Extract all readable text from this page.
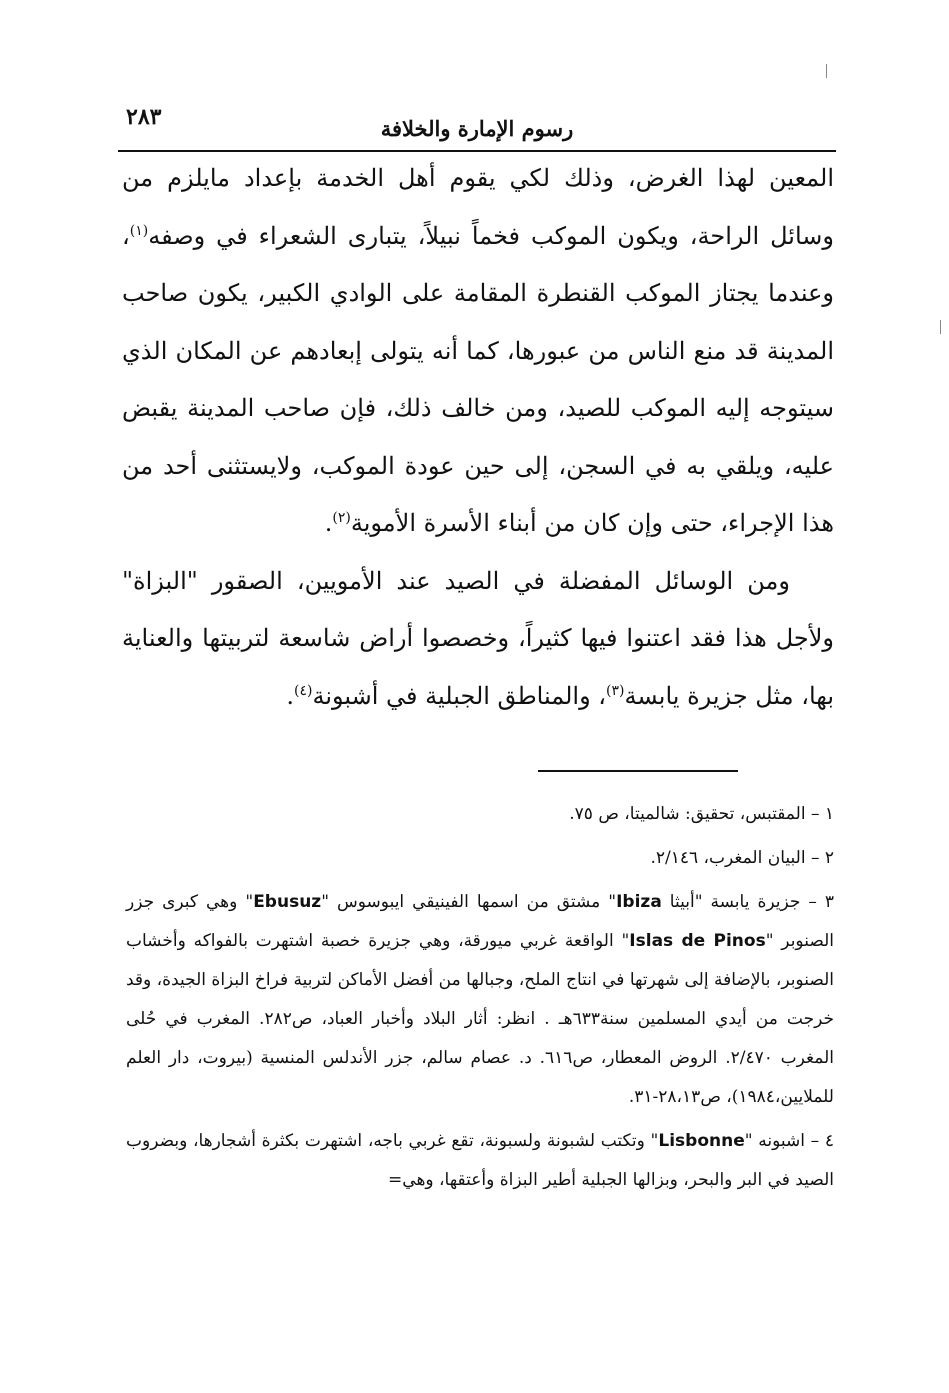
رسوم الإمارة والخلافة
٢٨٣

المعين لهذا الغرض، وذلك لكي يقوم أهل الخدمة بإعداد مايلزم من وسائل الراحة، ويكون الموكب فخماً نبيلاً، يتبارى الشعراء في وصفه$^{(١)}$، وعندما يجتاز الموكب القنطرة المقامة على الوادي الكبير، يكون صاحب المدينة قد منع الناس من عبورها، كما أنه يتولى إبعادهم عن المكان الذي سيتوجه إليه الموكب للصيد، ومن خالف ذلك، فإن صاحب المدينة يقبض عليه، ويلقي به في السجن، إلى حين عودة الموكب، ولايستثنى أحد من هذا الإجراء، حتى وإن كان من أبناء الأسرة الأموية$^{(٢)}$.

ومن الوسائل المفضلة في الصيد عند الأمويين، الصقور "البزاة" ولأجل هذا فقد اعتنوا فيها كثيراً، وخصصوا أراض شاسعة لتربيتها والعناية بها، مثل جزيرة يابسة$^{(٣)}$، والمناطق الجبلية في أشبونة$^{(٤)}$.

١ – المقتبس، تحقيق: شالميتا، ص ٧٥.

٢ – البيان المغرب، ٢/١٤٦.

٣ – جزيرة يابسة "أبيثا Ibiza" مشتق من اسمها الفينيقي ايبوسوس "Ebusuz" وهي كبرى جزر الصنوبر "Islas de Pinos" الواقعة غربي ميورقة، وهي جزيرة خصبة اشتهرت بالفواكه وأخشاب الصنوبر، بالإضافة إلى شهرتها في انتاج الملح، وجبالها من أفضل الأماكن لتربية فراخ البزاة الجيدة، وقد خرجت من أيدي المسلمين سنة٦٣٣هـ . انظر: أثار البلاد وأخبار العباد، ص٢٨٢. المغرب في حُلى المغرب ٢/٤٧٠. الروض المعطار، ص٦١٦. د. عصام سالم، جزر الأندلس المنسية (بيروت، دار العلم للملايين،١٩٨٤)، ص٢٨،١٣-٣١.

٤ – اشبونه "Lisbonne" وتكتب لشبونة ولسبونة، تقع غربي باجه، اشتهرت بكثرة أشجارها، وبضروب الصيد في البر والبحر، وبزالها الجبلية أطير البزاة وأعتقها، وهي=
